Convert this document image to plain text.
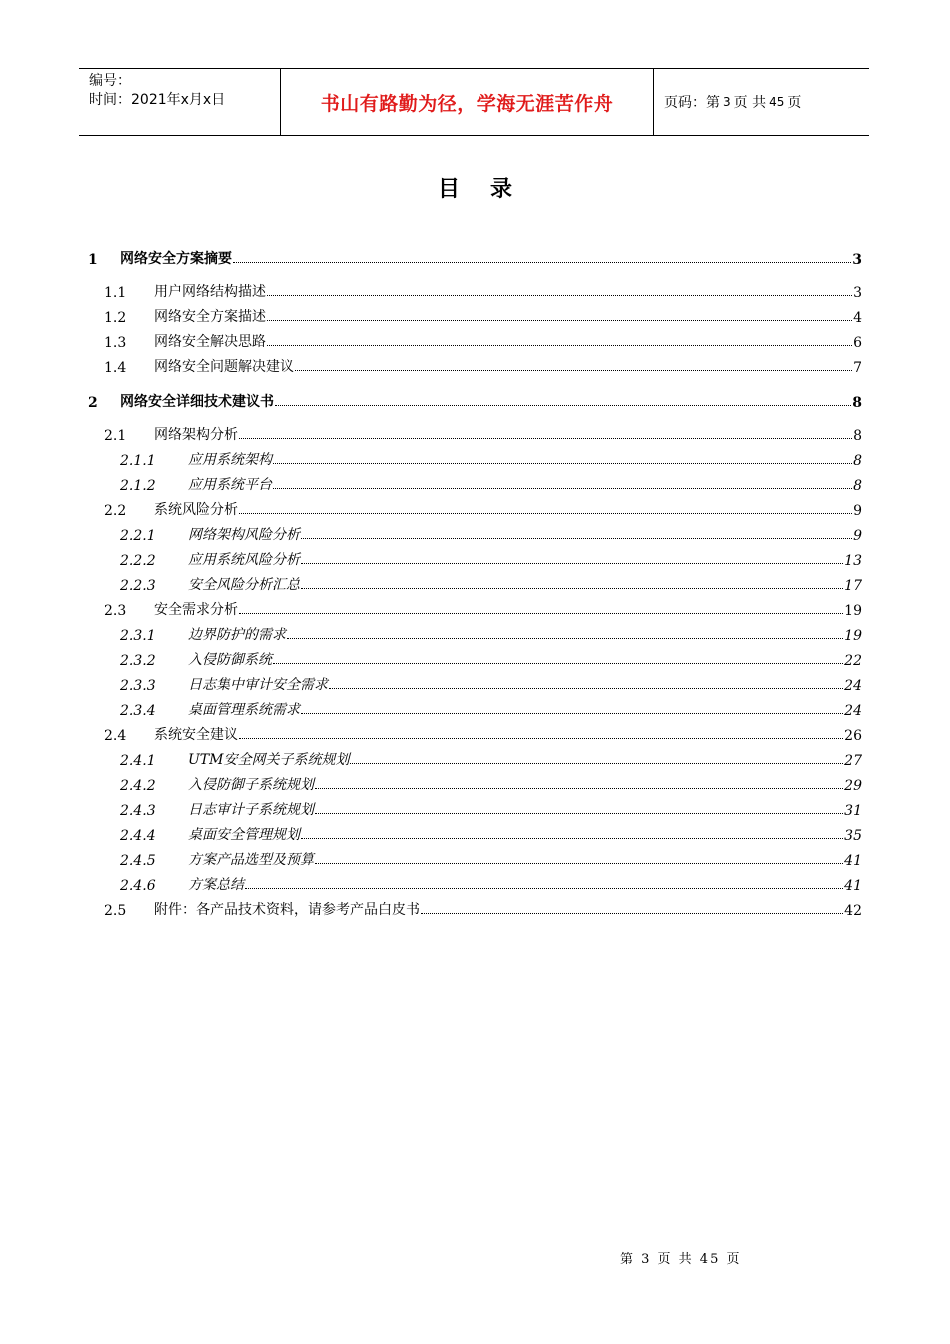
编号：
时间：2021年x月x日	书山有路勤为径，学海无涯苦作舟	页码：第 3 页 共 45 页
目录
1	网络安全方案摘要	3
1.1	用户网络结构描述	3
1.2	网络安全方案描述	4
1.3	网络安全解决思路	6
1.4	网络安全问题解决建议	7
2	网络安全详细技术建议书	8
2.1	网络架构分析	8
2.1.1	应用系统架构	8
2.1.2	应用系统平台	8
2.2	系统风险分析	9
2.2.1	网络架构风险分析	9
2.2.2	应用系统风险分析	13
2.2.3	安全风险分析汇总	17
2.3	安全需求分析	19
2.3.1	边界防护的需求	19
2.3.2	入侵防御系统	22
2.3.3	日志集中审计安全需求	24
2.3.4	桌面管理系统需求	24
2.4	系统安全建议	26
2.4.1	UTM安全网关子系统规划	27
2.4.2	入侵防御子系统规划	29
2.4.3	日志审计子系统规划	31
2.4.4	桌面安全管理规划	35
2.4.5	方案产品选型及预算	41
2.4.6	方案总结	41
2.5	附件：各产品技术资料，请参考产品白皮书	42
第 3 页 共 45 页
